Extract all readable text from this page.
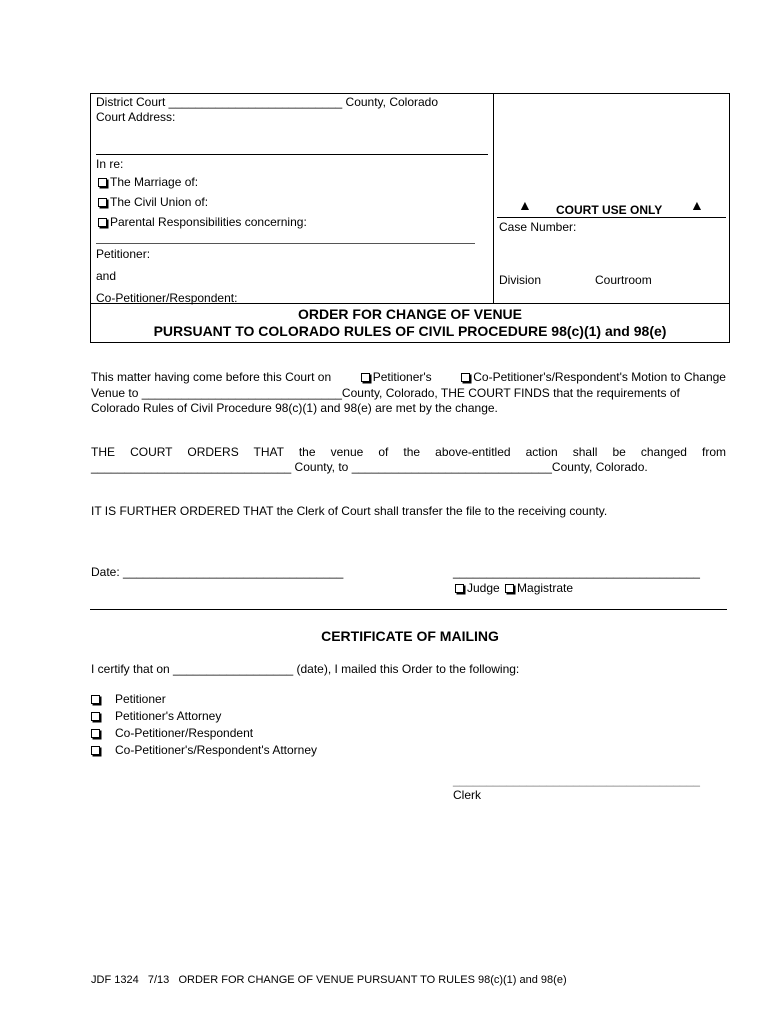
District Court __________________________ County, Colorado
Court Address:
In re:
The Marriage of:
The Civil Union of:
Parental Responsibilities concerning:
Petitioner:
and
Co-Petitioner/Respondent:
▲ COURT USE ONLY ▲
Case Number:
Division	Courtroom
ORDER FOR CHANGE OF VENUE
PURSUANT TO COLORADO RULES OF CIVIL PROCEDURE 98(c)(1) and 98(e)
This matter having come before this Court on	Petitioner's	Co-Petitioner's/Respondent's Motion to Change
Venue to ______________________________County, Colorado, THE COURT FINDS that the requirements of
Colorado Rules of Civil Procedure 98(c)(1) and 98(e) are met by the change.
THE COURT ORDERS THAT the venue of the above-entitled action shall be changed from
______________________________ County, to ______________________________County, Colorado.
IT IS FURTHER ORDERED THAT the Clerk of Court shall transfer the file to the receiving county.
Date: _________________________________	_____________________________________
Judge Magistrate
CERTIFICATE OF MAILING
I certify that on __________________ (date), I mailed this Order to the following:
Petitioner
Petitioner's Attorney
Co-Petitioner/Respondent
Co-Petitioner's/Respondent's Attorney
_____________________________________
Clerk
JDF 1324 7/13 ORDER FOR CHANGE OF VENUE PURSUANT TO RULES 98(c)(1) and 98(e)
